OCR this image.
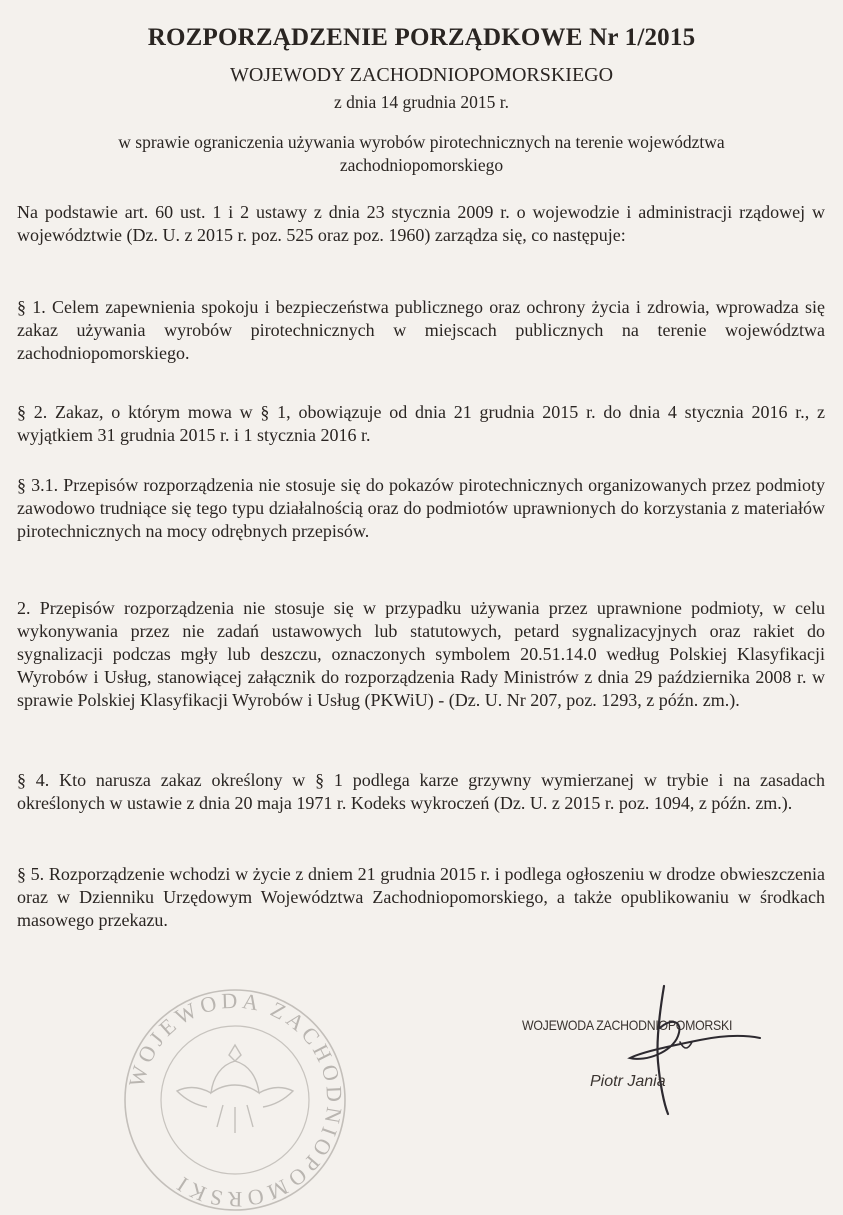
ROZPORZĄDZENIE PORZĄDKOWE Nr 1/2015

WOJEWODY ZACHODNIOPOMORSKIEGO

z dnia 14 grudnia 2015 r.

w sprawie ograniczenia używania wyrobów pirotechnicznych na terenie województwa zachodniopomorskiego

Na podstawie art. 60 ust. 1 i 2 ustawy z dnia 23 stycznia 2009 r. o wojewodzie i administracji rządowej w województwie (Dz. U. z 2015 r. poz. 525 oraz poz. 1960) zarządza się, co następuje:

§ 1. Celem zapewnienia spokoju i bezpieczeństwa publicznego oraz ochrony życia i zdrowia, wprowadza się zakaz używania wyrobów pirotechnicznych w miejscach publicznych na terenie województwa zachodniopomorskiego.

§ 2. Zakaz, o którym mowa w § 1, obowiązuje od dnia 21 grudnia 2015 r. do dnia 4 stycznia 2016 r., z wyjątkiem 31 grudnia 2015 r. i 1 stycznia 2016 r.

§ 3.1. Przepisów rozporządzenia nie stosuje się do pokazów pirotechnicznych organizowanych przez podmioty zawodowo trudniące się tego typu działalnością oraz do podmiotów uprawnionych do korzystania z materiałów pirotechnicznych na mocy odrębnych przepisów.

2. Przepisów rozporządzenia nie stosuje się w przypadku używania przez uprawnione podmioty, w celu wykonywania przez nie zadań ustawowych lub statutowych, petard sygnalizacyjnych oraz rakiet do sygnalizacji podczas mgły lub deszczu, oznaczonych symbolem 20.51.14.0 według Polskiej Klasyfikacji Wyrobów i Usług, stanowiącej załącznik do rozporządzenia Rady Ministrów z dnia 29 października 2008 r. w sprawie Polskiej Klasyfikacji Wyrobów i Usług (PKWiU) - (Dz. U. Nr 207, poz. 1293, z późn. zm.).

§ 4. Kto narusza zakaz określony w § 1 podlega karze grzywny wymierzanej w trybie i na zasadach określonych w ustawie z dnia 20 maja 1971 r. Kodeks wykroczeń (Dz. U. z 2015 r. poz. 1094, z późn. zm.).

§ 5. Rozporządzenie wchodzi w życie z dniem 21 grudnia 2015 r. i podlega ogłoszeniu w drodze obwieszczenia oraz w Dzienniku Urzędowym Województwa Zachodniopomorskiego, a także opublikowaniu w środkach masowego przekazu.

WOJEWODA ZACHODNIOPOMORSKI

WOJEWODA ZACHODNIOPOMORSKI

Piotr Jania
